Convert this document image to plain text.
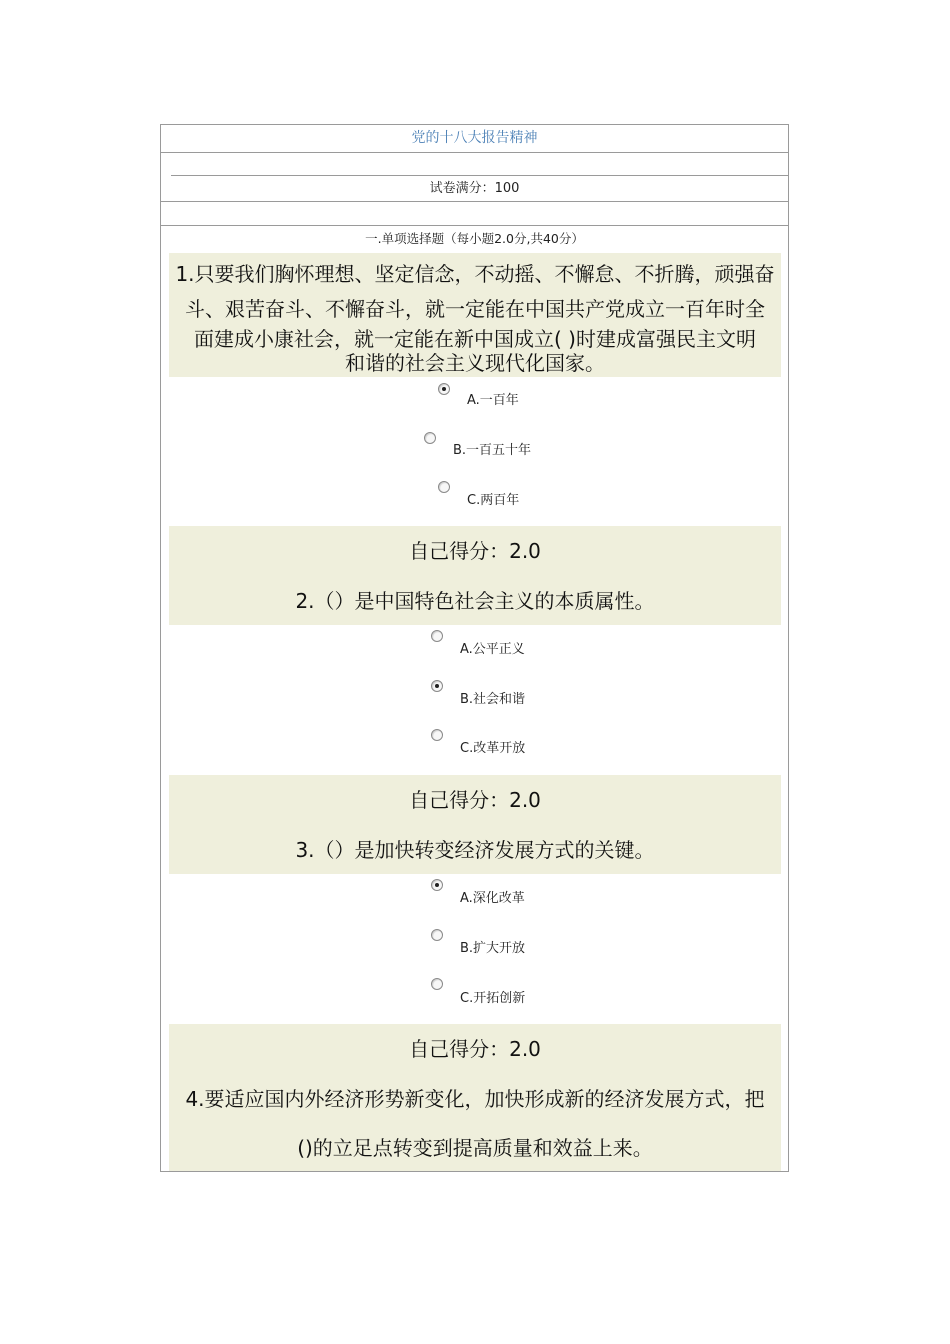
党的十八大报告精神
试卷满分：100
一.单项选择题（每小题2.0分,共40分）
1.只要我们胸怀理想、坚定信念，不动摇、不懈怠、不折腾，顽强奋
斗、艰苦奋斗、不懈奋斗，就一定能在中国共产党成立一百年时全
面建成小康社会，就一定能在新中国成立( )时建成富强民主文明
和谐的社会主义现代化国家。
A.一百年
B.一百五十年
C.两百年
自己得分：2.0
2.（）是中国特色社会主义的本质属性。
A.公平正义
B.社会和谐
C.改革开放
自己得分：2.0
3.（）是加快转变经济发展方式的关键。
A.深化改革
B.扩大开放
C.开拓创新
自己得分：2.0
4.要适应国内外经济形势新变化，加快形成新的经济发展方式，把
()的立足点转变到提高质量和效益上来。
